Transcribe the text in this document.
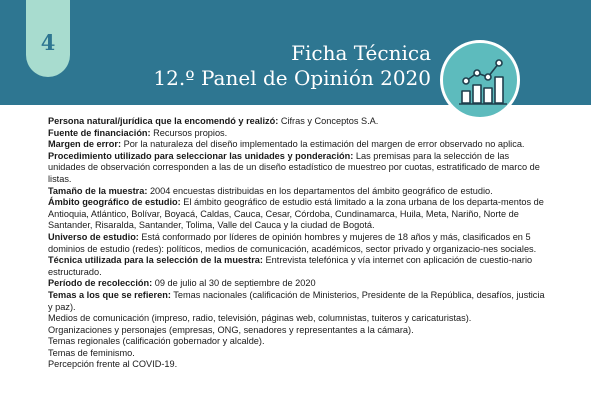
4	Ficha Técnica
12.º Panel de Opinión 2020

Persona natural/jurídica que la encomendó y realizó: Cifras y Conceptos S.A.

Fuente de financiación: Recursos propios.

Margen de error: Por la naturaleza del diseño implementado la estimación del margen de error observado no aplica.

Procedimiento utilizado para seleccionar las unidades y ponderación: Las premisas para la selección de las unidades de observación corresponden a las de un diseño estadístico de muestreo por cuotas, estratificado de marco de listas.

Tamaño de la muestra: 2004 encuestas distribuidas en los departamentos del ámbito geográfico de estudio.

Ámbito geográfico de estudio: El ámbito geográfico de estudio está limitado a la zona urbana de los departa-mentos de Antioquia, Atlántico, Bolívar, Boyacá, Caldas, Cauca, Cesar, Córdoba, Cundinamarca, Huila, Meta, Nariño, Norte de Santander, Risaralda, Santander, Tolima, Valle del Cauca y la ciudad de Bogotá.

Universo de estudio: Está conformado por líderes de opinión hombres y mujeres de 18 años y más, clasificados en 5 dominios de estudio (redes): políticos, medios de comunicación, académicos, sector privado y organizacio-nes sociales.

Técnica utilizada para la selección de la muestra: Entrevista telefónica y vía internet con aplicación de cuestio-nario estructurado.

Período de recolección: 09 de julio al 30 de septiembre de 2020

Temas a los que se refieren: Temas nacionales (calificación de Ministerios, Presidente de la República, desafíos, justicia y paz).

Medios de comunicación (impreso, radio, televisión, páginas web, columnistas, tuiteros y caricaturistas).

Organizaciones y personajes (empresas, ONG, senadores y representantes a la cámara).

Temas regionales (calificación gobernador y alcalde).

Temas de feminismo.

Percepción frente al COVID-19.
